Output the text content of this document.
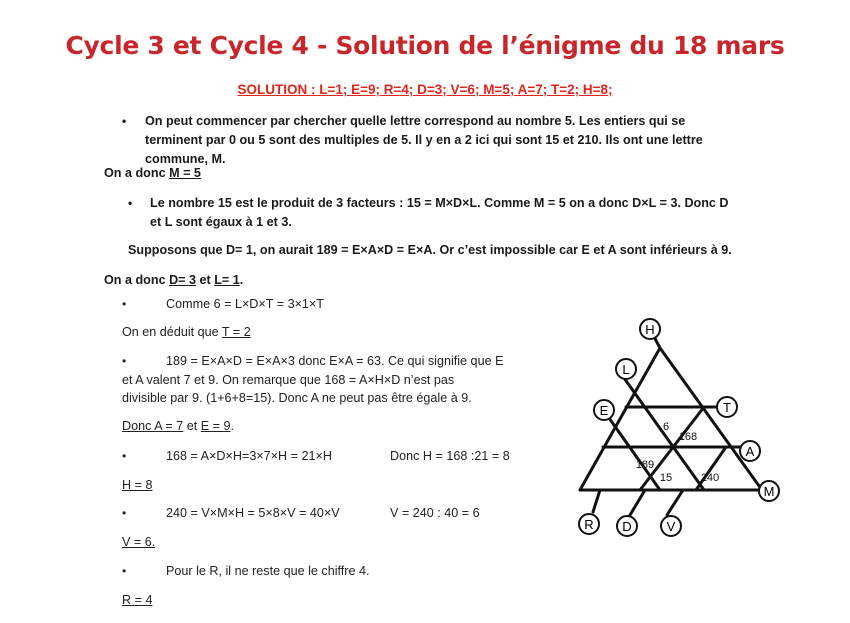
Cycle 3 et Cycle 4 - Solution de l’énigme du 18 mars
SOLUTION : L=1; E=9; R=4; D=3; V=6; M=5; A=7; T=2; H=8;
• On peut commencer par chercher quelle lettre correspond au nombre 5. Les entiers qui se
terminent par 0 ou 5 sont des multiples de 5. Il y en a 2 ici qui sont 15 et 210. Ils ont une lettre
commune, M.
On a donc M = 5
• Le nombre 15 est le produit de 3 facteurs : 15 = M×D×L. Comme M = 5 on a donc D×L = 3. Donc D
et L sont égaux à 1 et 3.
Supposons que D= 1, on aurait 189 = E×A×D = E×A. Or c’est impossible car E et A sont inférieurs à 9.
On a donc D= 3 et L= 1.
•	Comme 6 = L×D×T = 3×1×T
On en déduit que T = 2
•	189 = E×A×D = E×A×3 donc E×A = 63. Ce qui signifie que E
et A valent 7 et 9. On remarque que 168 = A×H×D n’est pas
divisible par 9. (1+6+8=15). Donc A ne peut pas être égale à 9.
Donc A = 7 et E = 9.
•	168 = A×D×H=3×7×H = 21×H	Donc H = 168 :21 = 8
H = 8
•	240 = V×M×H = 5×8×V = 40×V	V = 240 : 40 = 6
V = 6.
•	Pour le R, il ne reste que le chiffre 4.
R = 4
H
L
E	T
A
M
R D	V
6
168
189
15	240
